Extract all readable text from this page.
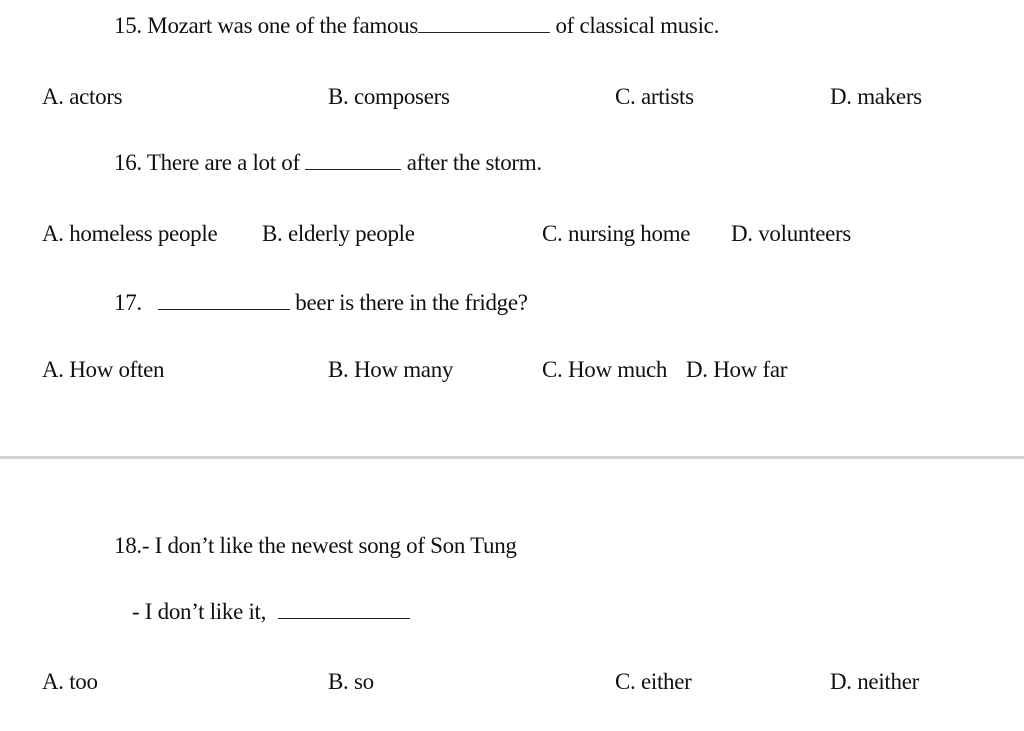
15. Mozart was one of the famous	of classical music.
A. actors	B. composers	C. artists	D. makers
16. There are a lot of	after the storm.
A. homeless people B. elderly people	C. nursing home D. volunteers
17.	beer is there in the fridge?
A. How often	B. How many	C. How much D. How far
18.- I don’t like the newest song of Son Tung
- I don’t like it,
A. too	B. so	C. either	D. neither
